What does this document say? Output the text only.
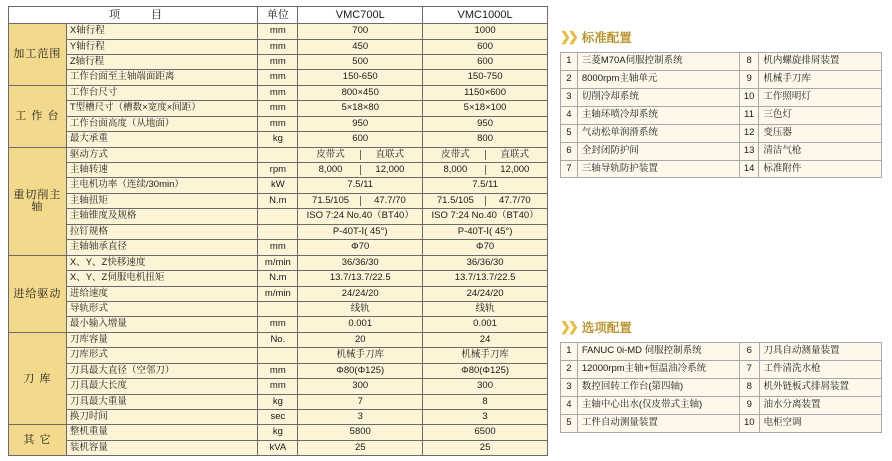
项　目		单位	VMC700L	VMC1000L
加工范围	X轴行程	mm	700	1000
	Y轴行程	mm	450	600
	Z轴行程	mm	500	600
	工作台面至主轴端面距离	mm	150-650	150-750
工 作 台	工作台尺寸	mm	800×450	1150×600
	T型槽尺寸（槽数×宽度×间距）	mm	5×18×80	5×18×100
	工作台面高度（从地面）	mm	950	950
	最大承重	kg	600	800
重切削主轴	驱动方式		皮带式 直联式	皮带式 直联式

	主轴转速	rpm	8,000 12,000	8,000 12,000

	主电机功率（连续/30min）	kW	7.5/11	7.5/11
	主轴扭矩	N.m	71.5/105 47.7/70	71.5/105 47.7/70

	主轴锥度及规格		ISO 7:24 No.40（BT40）	ISO 7:24 No.40（BT40）
	拉钉规格		P-40T-Ⅰ( 45°)	P-40T-Ⅰ( 45°)
	主轴轴承直径	mm	Φ70	Φ70
进给驱动	X、Y、Z快移速度	m/min	36/36/30	36/36/30
	X、Y、Z伺服电机扭矩	N.m	13.7/13.7/22.5	13.7/13.7/22.5
	进给速度	m/min	24/24/20	24/24/20
	导轨形式		线轨	线轨
	最小输入增量	mm	0.001	0.001
刀 库	刀库容量	No.	20	24
	刀库形式		机械手刀库	机械手刀库
	刀具最大直径（空邻刀）	mm	Φ80(Φ125)	Φ80(Φ125)
	刀具最大长度	mm	300	300
	刀具最大重量	kg	7	8
	换刀时间	sec	3	3
其 它	整机重量	kg	5800	6500
	装机容量	kVA	25	25
❯❯ 标准配置
1	三菱M70A伺服控制系统	8	机内螺旋排屑装置
2	8000rpm主轴单元	9	机械手刀库
3	切削冷却系统	10	工作照明灯
4	主轴环喷冷却系统	11	三色灯
5	气动松单润滑系统	12	变压器
6	全封闭防护间	13	清洁气枪
7	三轴导轨防护装置	14	标准附件
❯❯ 选项配置
1	FANUC 0i-MD 伺服控制系统	6	刀具自动测量装置
2	12000rpm主轴+恒温油冷系统	7	工件清洗水枪
3	数控回转工作台(第四轴)	8	机外链板式排屑装置
4	主轴中心出水(仅皮带式主轴)	9	油水分离装置
5	工件自动测量装置	10	电柜空调
